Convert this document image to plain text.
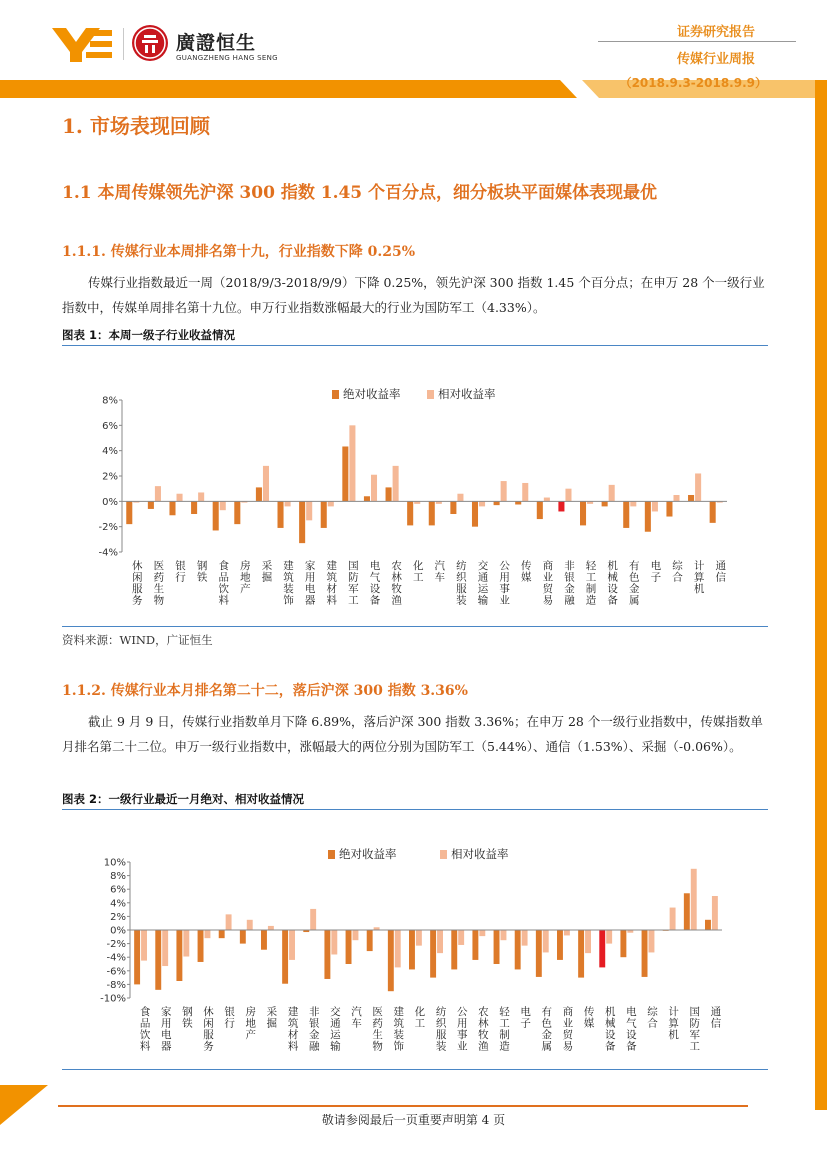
廣證恒生
GUANGZHENG HANG SENG
证券研究报告
传媒行业周报
（2018.9.3-2018.9.9）
1. 市场表现回顾
1.1 本周传媒领先沪深 300 指数 1.45 个百分点，细分板块平面媒体表现最优
1.1.1. 传媒行业本周排名第十九，行业指数下降 0.25%
传媒行业指数最近一周（2018/9/3-2018/9/9）下降 0.25%，领先沪深 300 指数 1.45 个百分点；在申万 28 个一级行业指数中，传媒单周排名第十九位。申万行业指数涨幅最大的行业为国防军工（4.33%）。
图表 1：本周一级子行业收益情况
8%
6%
4%
2%
0%
-2%
-4%
绝对收益率	相对收益率
休闲服务 医药生物 银行 钢铁 食品饮料 房地产 采掘 建筑装饰 家用电器 建筑材料 国防军工 电气设备 农林牧渔 化工 汽车 纺织服装 交通运输 公用事业 传媒 商业贸易 非银金融 轻工制造 机械设备 有色金属 电子 综合 计算机 通信
资料来源：WIND，广证恒生
1.1.2. 传媒行业本月排名第二十二，落后沪深 300 指数 3.36%
截止 9 月 9 日，传媒行业指数单月下降 6.89%，落后沪深 300 指数 3.36%；在申万 28 个一级行业指数中，传媒指数单月排名第二十二位。申万一级行业指数中，涨幅最大的两位分别为国防军工（5.44%）、通信（1.53%）、采掘（-0.06%）。
图表 2：一级行业最近一月绝对、相对收益情况
10%
8%
6%
4%
2%
0%
-2%
-4%
-6%
-8%
-10%
绝对收益率	相对收益率
食品饮料 家用电器 钢铁 休闲服务 银行 房地产 采掘 建筑材料 非银金融 交通运输 汽车 医药生物 建筑装饰 化工 纺织服装 公用事业 农林牧渔 轻工制造 电子 有色金属 商业贸易 传媒 机械设备 电气设备 综合 计算机 国防军工 通信
敬请参阅最后一页重要声明第 4 页
